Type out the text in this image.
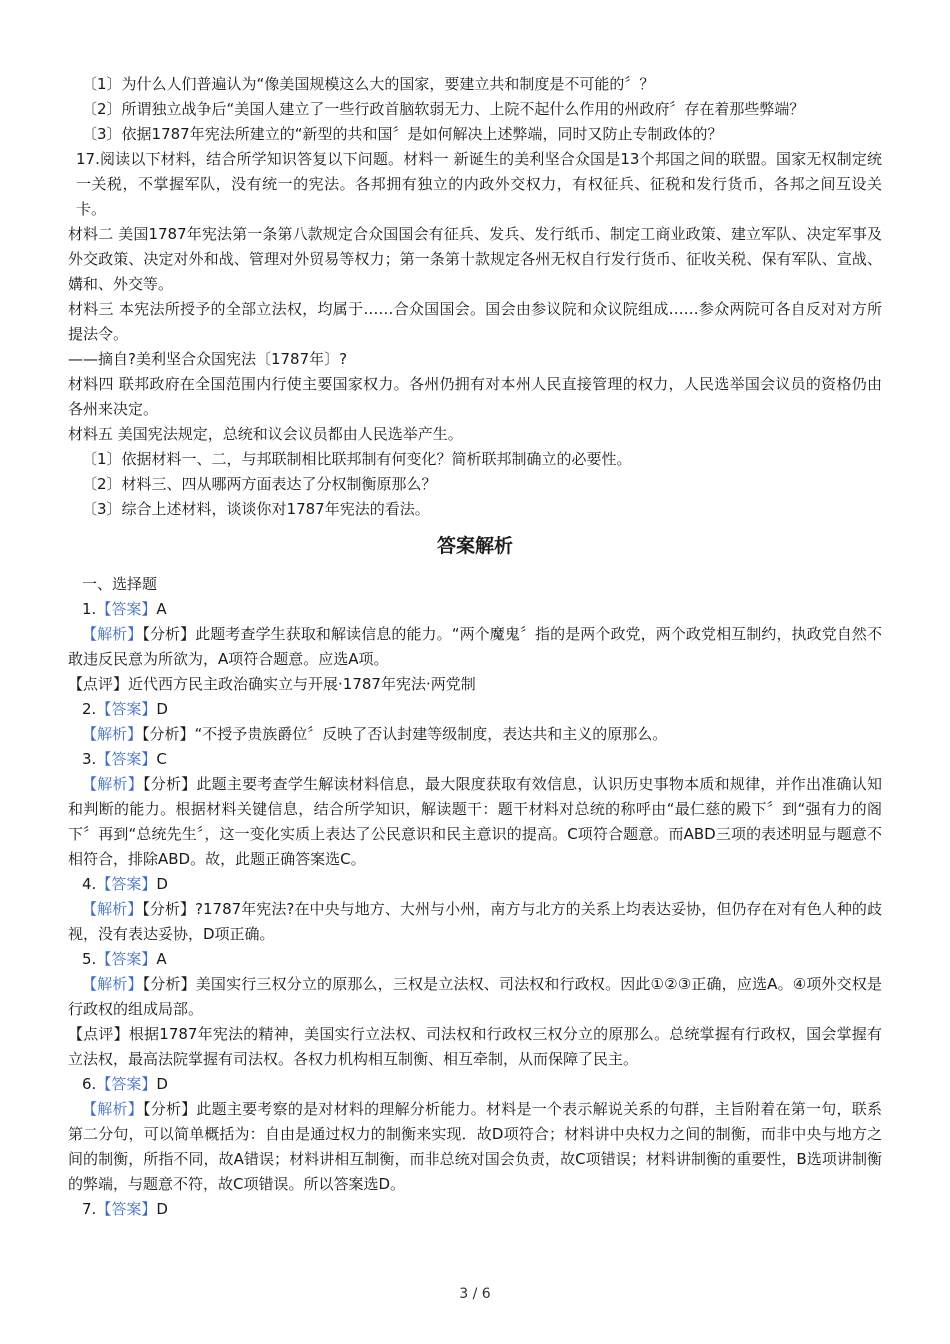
〔1〕为什么人们普遍认为“像美国规模这么大的国家，要建立共和制度是不可能的〞？

〔2〕所谓独立战争后“美国人建立了一些行政首脑软弱无力、上院不起什么作用的州政府〞存在着那些弊端？

〔3〕依据1787年宪法所建立的“新型的共和国〞是如何解决上述弊端，同时又防止专制政体的？

17.阅读以下材料，结合所学知识答复以下问题。材料一 新诞生的美利坚合众国是13个邦国之间的联盟。国家无权制定统一关税，不掌握军队，没有统一的宪法。各邦拥有独立的内政外交权力，有权征兵、征税和发行货币，各邦之间互设关卡。

材料二 美国1787年宪法第一条第八款规定合众国国会有征兵、发兵、发行纸币、制定工商业政策、建立军队、决定军事及外交政策、决定对外和战、管理对外贸易等权力；第一条第十款规定各州无权自行发行货币、征收关税、保有军队、宣战、媾和、外交等。

材料三 本宪法所授予的全部立法权，均属于……合众国国会。国会由参议院和众议院组成……参众两院可各自反对对方所提法令。

——摘自?美利坚合众国宪法〔1787年〕?

材料四 联邦政府在全国范围内行使主要国家权力。各州仍拥有对本州人民直接管理的权力，人民选举国会议员的资格仍由各州来决定。

材料五 美国宪法规定，总统和议会议员都由人民选举产生。

〔1〕依据材料一、二，与邦联制相比联邦制有何变化？简析联邦制确立的必要性。

〔2〕材料三、四从哪两方面表达了分权制衡原那么？

〔3〕综合上述材料，谈谈你对1787年宪法的看法。

答案解析

一、选择题

1.【答案】A

【解析】【分析】此题考查学生获取和解读信息的能力。“两个魔鬼〞指的是两个政党，两个政党相互制约，执政党自然不敢违反民意为所欲为，A项符合题意。应选A项。

【点评】近代西方民主政治确实立与开展·1787年宪法·两党制

2.【答案】D

【解析】【分析】“不授予贵族爵位〞反映了否认封建等级制度，表达共和主义的原那么。

3.【答案】C

【解析】【分析】此题主要考查学生解读材料信息，最大限度获取有效信息，认识历史事物本质和规律，并作出准确认知和判断的能力。根据材料关键信息，结合所学知识，解读题干：题干材料对总统的称呼由“最仁慈的殿下〞到“强有力的阁下〞再到“总统先生〞，这一变化实质上表达了公民意识和民主意识的提高。C项符合题意。而ABD三项的表述明显与题意不相符合，排除ABD。故，此题正确答案选C。

4.【答案】D

【解析】【分析】?1787年宪法?在中央与地方、大州与小州，南方与北方的关系上均表达妥协，但仍存在对有色人种的歧视，没有表达妥协，D项正确。

5.【答案】A

【解析】【分析】美国实行三权分立的原那么，三权是立法权、司法权和行政权。因此①②③正确，应选A。④项外交权是行政权的组成局部。

【点评】根据1787年宪法的精神，美国实行立法权、司法权和行政权三权分立的原那么。总统掌握有行政权，国会掌握有立法权，最高法院掌握有司法权。各权力机构相互制衡、相互牵制，从而保障了民主。

6.【答案】D

【解析】【分析】此题主要考察的是对材料的理解分析能力。材料是一个表示解说关系的句群，主旨附着在第一句，联系第二分句，可以简单概括为：自由是通过权力的制衡来实现．故D项符合；材料讲中央权力之间的制衡，而非中央与地方之间的制衡，所指不同，故A错误；材料讲相互制衡，而非总统对国会负责，故C项错误；材料讲制衡的重要性，B选项讲制衡的弊端，与题意不符，故C项错误。所以答案选D。

7.【答案】D

3 / 6
